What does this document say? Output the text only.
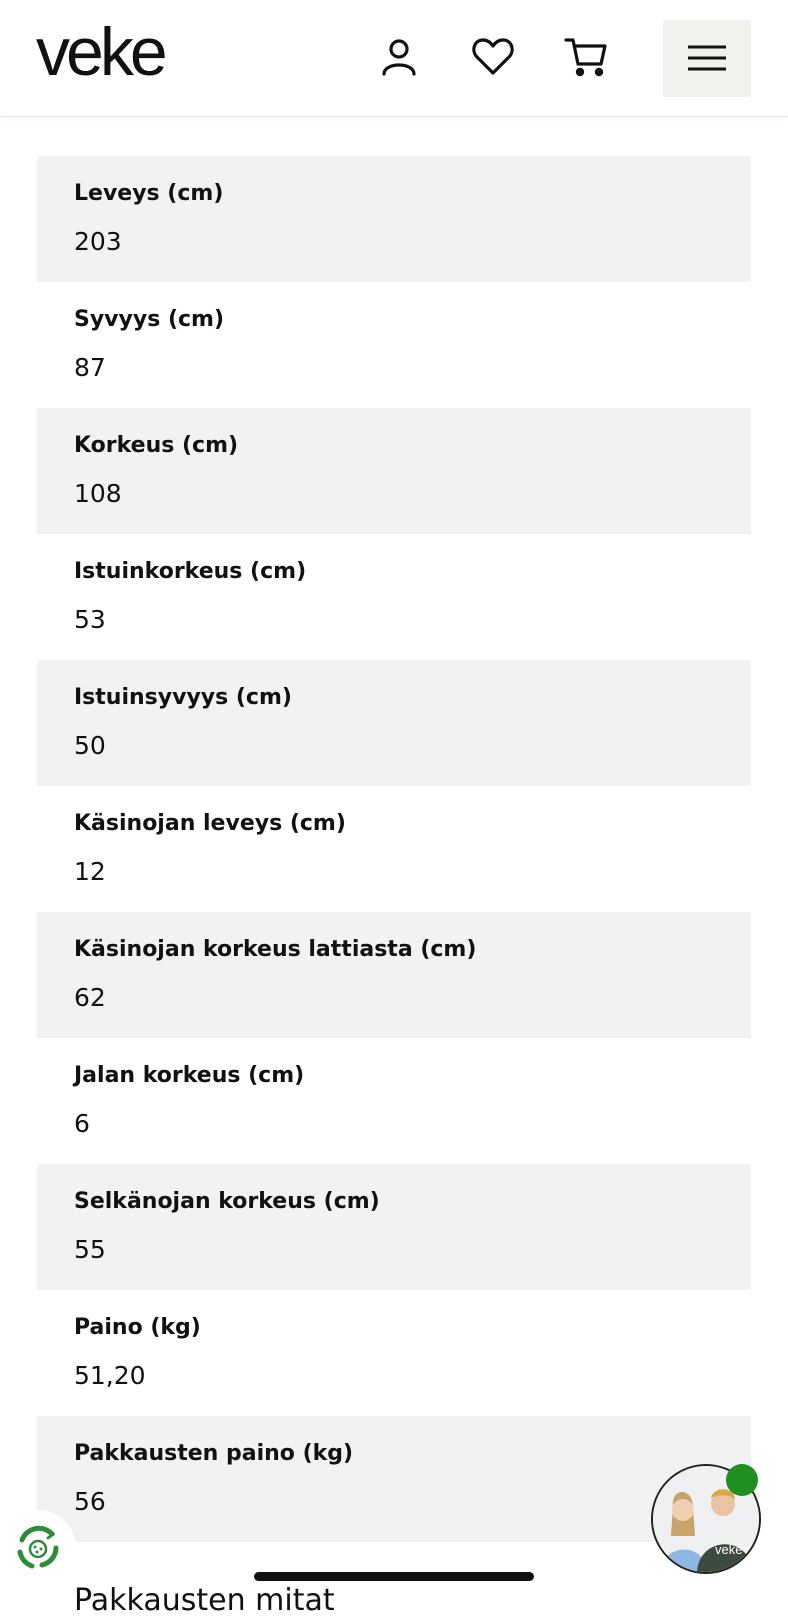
veke
Leveys (cm)
203
Syvyys (cm)
87
Korkeus (cm)
108
Istuinkorkeus (cm)
53
Istuinsyvyys (cm)
50
Käsinojan leveys (cm)
12
Käsinojan korkeus lattiasta (cm)
62
Jalan korkeus (cm)
6
Selkänojan korkeus (cm)
55
Paino (kg)
51,20
Pakkausten paino (kg)
56
Pakkausten mitat
veke
